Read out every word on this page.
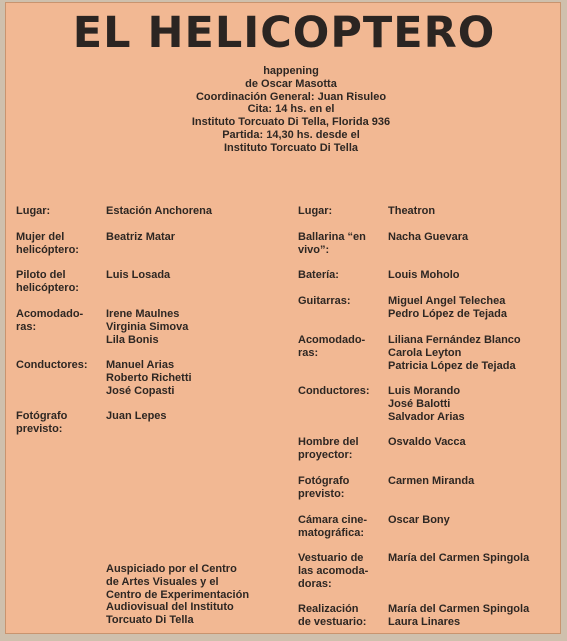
EL HELICOPTERO
happening
de Oscar Masotta
Coordinación General: Juan Risuleo
Cita: 14 hs. en el
Instituto Torcuato Di Tella, Florida 936
Partida: 14,30 hs. desde el
Instituto Torcuato Di Tella
Lugar:	Estación Anchorena
Mujer del
helicóptero:
Beatriz Matar
Piloto del
helicóptero:
Luis Losada
Acomodado-
ras:
Irene Maulnes
Virginia Simova
Lila Bonis
Conductores:	Manuel Arias
Roberto Richetti
José Copasti
Fotógrafo
previsto:
Juan Lepes
Lugar:	Theatron
Ballarina “en
vivo”:
Nacha Guevara
Batería:	Louis Moholo
Guitarras:	Miguel Angel Telechea
Pedro López de Tejada
Acomodado-
ras:
Liliana Fernández Blanco
Carola Leyton
Patricia López de Tejada
Conductores:	Luis Morando
José Balotti
Salvador Arias
Hombre del
proyector:
Osvaldo Vacca
Fotógrafo
previsto:
Carmen Miranda
Cámara cine-
matográfica:
Oscar Bony
Vestuario de
las acomoda-
doras:
María del Carmen Spingola
Realización
de vestuario:
María del Carmen Spingola
Laura Linares
Auspiciado por el Centro
de Artes Visuales y el
Centro de Experimentación
Audiovisual del Instituto
Torcuato Di Tella
